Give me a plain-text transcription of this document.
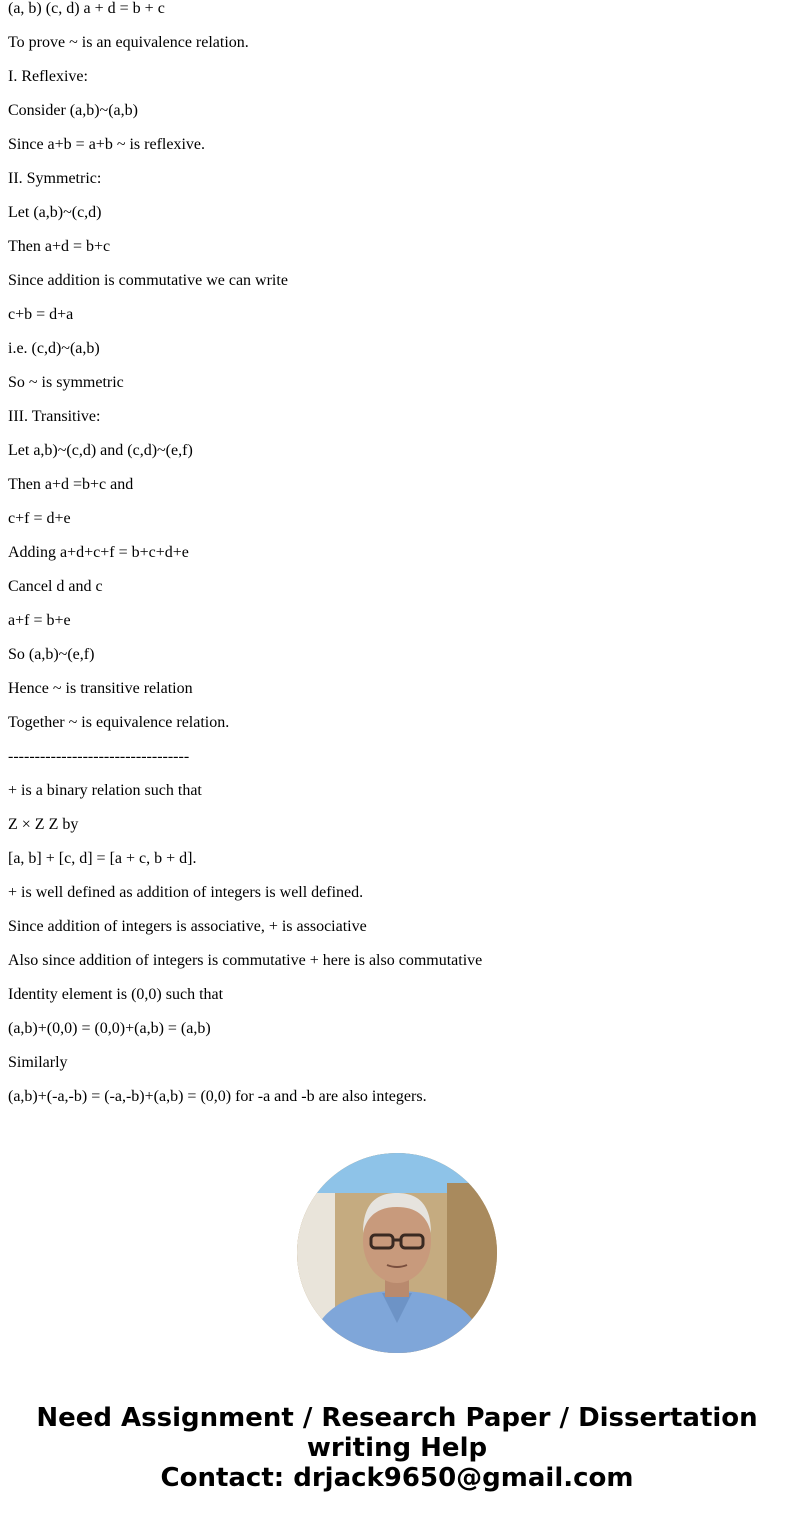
(a, b) (c, d) a + d = b + c

To prove ~ is an equivalence relation.

I. Reflexive:

Consider (a,b)~(a,b)

Since a+b = a+b ~ is reflexive.

II. Symmetric:

Let (a,b)~(c,d)

Then a+d = b+c

Since addition is commutative we can write

c+b = d+a

i.e. (c,d)~(a,b)

So ~ is symmetric

III. Transitive:

Let a,b)~(c,d) and (c,d)~(e,f)

Then a+d =b+c and

c+f = d+e

Adding a+d+c+f = b+c+d+e

Cancel d and c

a+f = b+e

So (a,b)~(e,f)

Hence ~ is transitive relation

Together ~ is equivalence relation.

----------------------------------

+ is a binary relation such that

Z × Z Z by

[a, b] + [c, d] = [a + c, b + d].

+ is well defined as addition of integers is well defined.

Since addition of integers is associative, + is associative

Also since addition of integers is commutative + here is also commutative

Identity element is (0,0) such that

(a,b)+(0,0) = (0,0)+(a,b) = (a,b)

Similarly

(a,b)+(-a,-b) = (-a,-b)+(a,b) = (0,0) for -a and -b are also integers.

Need Assignment / Research Paper / Dissertation
writing Help
Contact: drjack9650@gmail.com
